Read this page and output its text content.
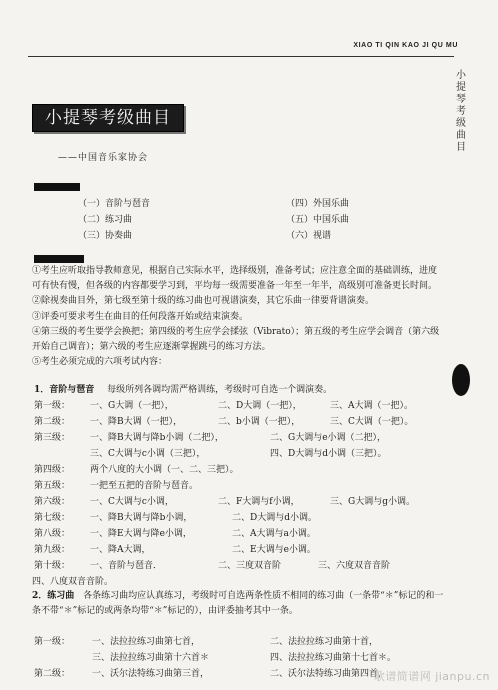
XIAO TI QIN KAO JI QU MU
小
提
琴
考
级
曲
目
小提琴考级曲目
——中国音乐家协会
（一）音阶与琶音	（四）外国乐曲
（二）练习曲	（五）中国乐曲
（三）协奏曲	（六）视谱

①考生应听取指导教师意见，根据自己实际水平，选择级别，准备考试；应注意全面的基础训练，进度可有快有慢，但各级的内容都要学习到，平均每一级需要准备一年至一年半，高级别可准备更长时间。

②除视奏曲目外，第七级至第十级的练习曲也可视谱演奏，其它乐曲一律要背谱演奏。

③评委可要求考生在曲目的任何段落开始或结束演奏。

④第三级的考生要学会换把；第四级的考生应学会揉弦（Vibrato）；第五级的考生应学会调音（第六级开始自己调音）；第六级的考生应逐渐掌握跳弓的练习方法。

⑤考生必须完成的六项考试内容：

1．音阶与琶音 每级所列各调均需严格训练，考级时可自选一个调演奏。
第一级： 一、G大调（一把），	二、D大调（一把），	三、A大调（一把）。
第二级： 一、降B大调（一把），	二、b小调（一把），	三、C大调（一把）。
第三级： 一、降B大调与降b小调（二把），	二、G大调与e小调（二把），
三、C大调与c小调（三把），	四、D大调与d小调（三把）。
第四级： 两个八度的大小调（一、二、三把）。
第五级： 一把至五把的音阶与琶音。
第六级： 一、C大调与c小调，	二、F大调与f小调，	三、G大调与g小调。
第七级： 一、降B大调与降b小调，	二、D大调与d小调。
第八级： 一、降E大调与降e小调，	二、A大调与a小调。
第九级： 一、降A大调，	二、E大调与e小调。
第十级： 一、音阶与琶音．	二、三度双音阶	三、六度双音音阶
四、八度双音音阶。
2．练习曲 各条练习曲均应认真练习，考级时可自选两条性质不相同的练习曲（一条带“＊”标记的和一条不带“＊”标记的或两条均带“＊”标记的），由评委抽考其中一条。
第一级： 一、法拉拉练习曲第七首，	二、法拉拉练习曲第十首，
三、法拉拉练习曲第十六首＊	四、法拉拉练习曲第十七首＊。
第二级： 一、沃尔法特练习曲第三首，	二、沃尔法特练习曲第四首，
歌谱简谱网 jianpu.cn
